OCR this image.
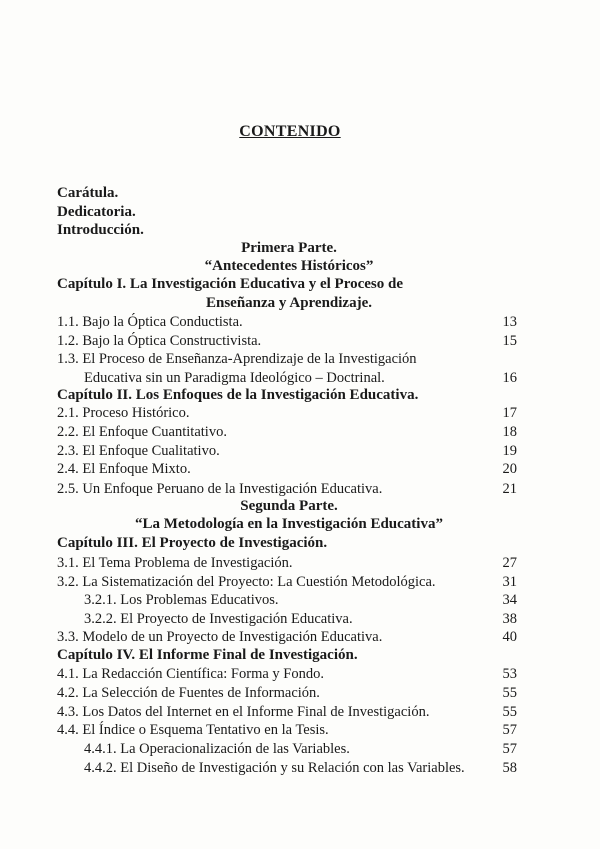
CONTENIDO
Carátula.
Dedicatoria.
Introducción.
Primera Parte.
“Antecedentes Históricos”
Capítulo I. La Investigación Educativa y el Proceso de
Enseñanza y Aprendizaje.
1.1. Bajo la Óptica Conductista.	13
1.2. Bajo la Óptica Constructivista.	15
1.3. El Proceso de Enseñanza-Aprendizaje de la Investigación
Educativa sin un Paradigma Ideológico – Doctrinal.	16
Capítulo II. Los Enfoques de la Investigación Educativa.
2.1. Proceso Histórico.	17
2.2. El Enfoque Cuantitativo.	18
2.3. El Enfoque Cualitativo.	19
2.4. El Enfoque Mixto.	20
2.5. Un Enfoque Peruano de la Investigación Educativa.	21
Segunda Parte.
“La Metodología en la Investigación Educativa”
Capítulo III. El Proyecto de Investigación.
3.1. El Tema Problema de Investigación.	27
3.2. La Sistematización del Proyecto: La Cuestión Metodológica.	31
3.2.1. Los Problemas Educativos.	34
3.2.2. El Proyecto de Investigación Educativa.	38
3.3. Modelo de un Proyecto de Investigación Educativa.	40
Capítulo IV. El Informe Final de Investigación.
4.1. La Redacción Científica: Forma y Fondo.	53
4.2. La Selección de Fuentes de Información.	55
4.3. Los Datos del Internet en el Informe Final de Investigación.	55
4.4. El Índice o Esquema Tentativo en la Tesis.	57
4.4.1. La Operacionalización de las Variables.	57
4.4.2. El Diseño de Investigación y su Relación con las Variables.	58
